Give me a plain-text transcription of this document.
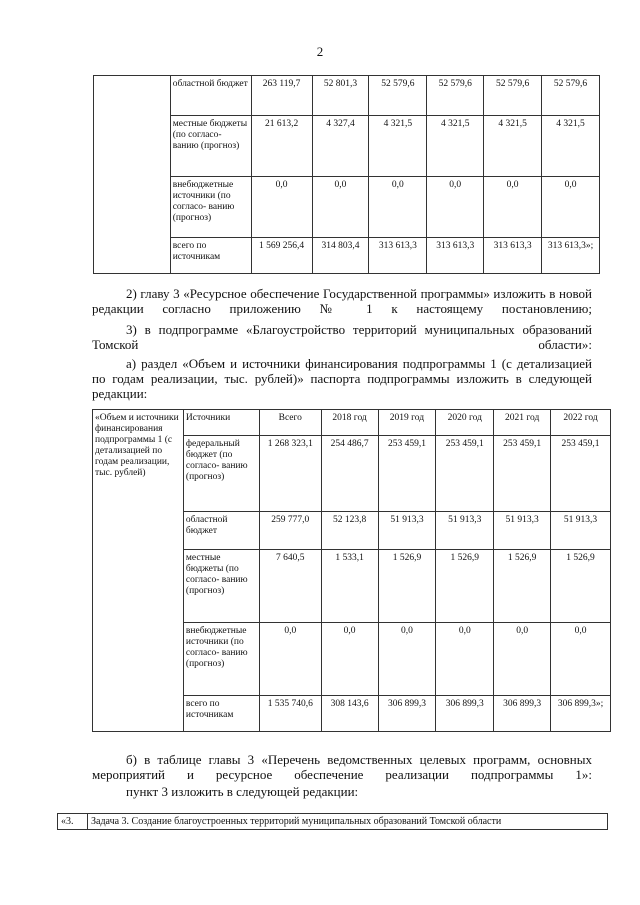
2
	областной бюджет	263 119,7	52 801,3	52 579,6	52 579,6	52 579,6	52 579,6
	местные бюджеты (по согласо- ванию (прогноз)	21 613,2	4 327,4	4 321,5	4 321,5	4 321,5	4 321,5
	внебюджетные источники (по согласо- ванию (прогноз)	0,0	0,0	0,0	0,0	0,0	0,0
	всего по источникам	1 569 256,4	314 803,4	313 613,3	313 613,3	313 613,3	313 613,3»;
2) главу 3 «Ресурсное обеспечение Государственной программы» изложить в новой редакции согласно приложению № 1 к настоящему постановлению;
3) в подпрограмме «Благоустройство территорий муниципальных образований Томской области»:
а) раздел «Объем и источники финансирования подпрограммы 1 (с детализацией по годам реализации, тыс. рублей)» паспорта подпрограммы изложить в следующей редакции:
«Объем и источники финансирования подпрограммы 1 (с детализацией по годам реализации, тыс. рублей)	Источники	Всего	2018 год	2019 год	2020 год	2021 год	2022 год
	федеральный бюджет (по согласо- ванию (прогноз)	1 268 323,1	254 486,7	253 459,1	253 459,1	253 459,1	253 459,1
	областной бюджет	259 777,0	52 123,8	51 913,3	51 913,3	51 913,3	51 913,3
	местные бюджеты (по согласо- ванию (прогноз)	7 640,5	1 533,1	1 526,9	1 526,9	1 526,9	1 526,9
	внебюджетные источники (по согласо- ванию (прогноз)	0,0	0,0	0,0	0,0	0,0	0,0
	всего по источникам	1 535 740,6	308 143,6	306 899,3	306 899,3	306 899,3	306 899,3»;
б) в таблице главы 3 «Перечень ведомственных целевых программ, основных мероприятий и ресурсное обеспечение реализации подпрограммы 1»:
пункт 3 изложить в следующей редакции:
«3.	Задача 3. Создание благоустроенных территорий муниципальных образований Томской области
